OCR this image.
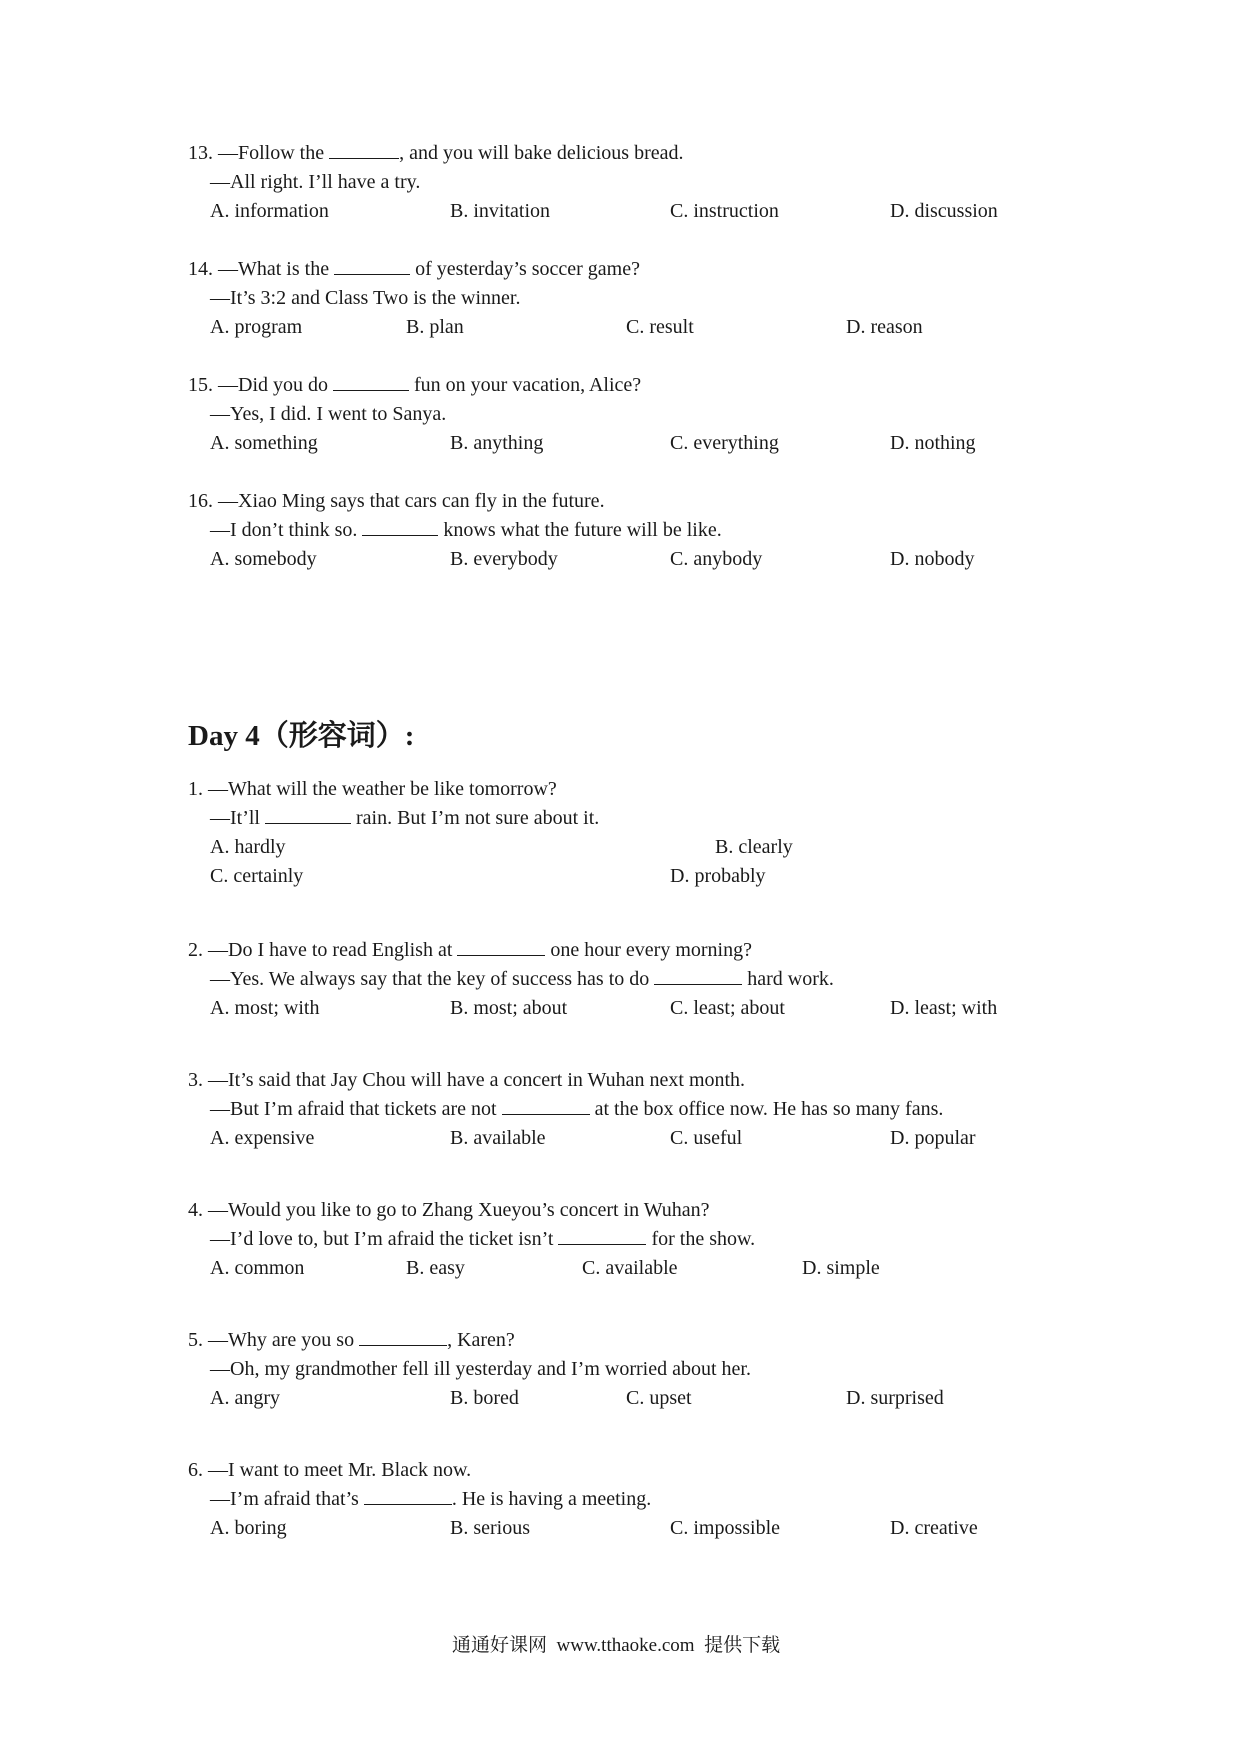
13. —Follow the	, and you will bake delicious bread.
—All right. I’ll have a try.
A. information	B. invitation	C. instruction	D. discussion
14. —What is the	of yesterday’s soccer game?
—It’s 3:2 and Class Two is the winner.
A. program	B. plan	C. result	D. reason
15. —Did you do	fun on your vacation, Alice?
—Yes, I did. I went to Sanya.
A. something	B. anything	C. everything	D. nothing
16. —Xiao Ming says that cars can fly in the future.
—I don’t think so.	knows what the future will be like.
A. somebody	B. everybody	C. anybody	D. nobody
Day 4（形容词）:
1. —What will the weather be like tomorrow?
—It’ll	rain. But I’m not sure about it.
A. hardly	B. clearly
C. certainly	D. probably
2. —Do I have to read English at	one hour every morning?
—Yes. We always say that the key of success has to do	hard work.
A. most; with	B. most; about	C. least; about	D. least; with
3. —It’s said that Jay Chou will have a concert in Wuhan next month.
—But I’m afraid that tickets are not	at the box office now. He has so many fans.
A. expensive	B. available	C. useful	D. popular
4. —Would you like to go to Zhang Xueyou’s concert in Wuhan?
—I’d love to, but I’m afraid the ticket isn’t	for the show.
A. common	B. easy	C. available	D. simple
5. —Why are you so	, Karen?
—Oh, my grandmother fell ill yesterday and I’m worried about her.
A. angry	B. bored	C. upset	D. surprised
6. —I want to meet Mr. Black now.
—I’m afraid that’s	. He is having a meeting.
A. boring	B. serious	C. impossible	D. creative
通通好课网  www.tthaoke.com  提供下载
